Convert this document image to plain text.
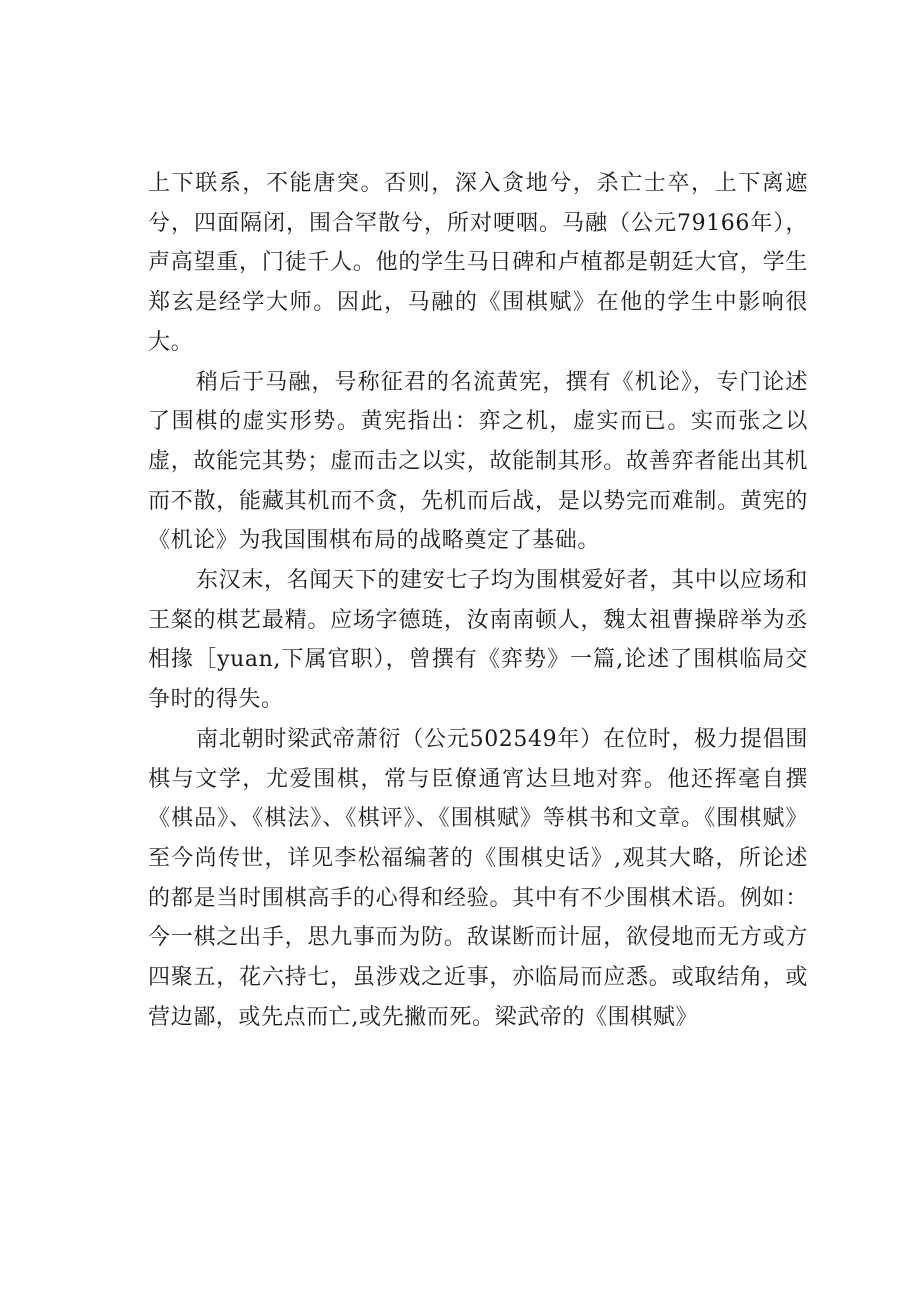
上下联系，不能唐突。否则，深入贪地兮，杀亡士卒，上下离遮兮，四面隔闭，围合罕散兮，所对哽咽。马融（公元79166年），声高望重，门徒千人。他的学生马日碑和卢植都是朝廷大官，学生郑玄是经学大师。因此，马融的《围棋赋》在他的学生中影响很大。

稍后于马融，号称征君的名流黄宪，撰有《机论》，专门论述了围棋的虚实形势。黄宪指出：弈之机，虚实而已。实而张之以虚，故能完其势；虚而击之以实，故能制其形。故善弈者能出其机而不散，能藏其机而不贪，先机而后战，是以势完而难制。黄宪的《机论》为我国围棋布局的战略奠定了基础。

东汉末，名闻天下的建安七子均为围棋爱好者，其中以应场和王粲的棋艺最精。应场字德琏，汝南南顿人，魏太祖曹操辟举为丞相掾［yuan,下属官职），曾撰有《弈势》一篇,论述了围棋临局交争时的得失。

南北朝时梁武帝萧衍（公元502549年）在位时，极力提倡围棋与文学，尤爱围棋，常与臣僚通宵达旦地对弈。他还挥毫自撰《棋品》、《棋法》、《棋评》、《围棋赋》等棋书和文章。《围棋赋》至今尚传世，详见李松福编著的《围棋史话》,观其大略，所论述的都是当时围棋高手的心得和经验。其中有不少围棋术语。例如：今一棋之出手，思九事而为防。敌谋断而计屈，欲侵地而无方或方四聚五，花六持七，虽涉戏之近事，亦临局而应悉。或取结角，或营边鄙，或先点而亡,或先撇而死。梁武帝的《围棋赋》
